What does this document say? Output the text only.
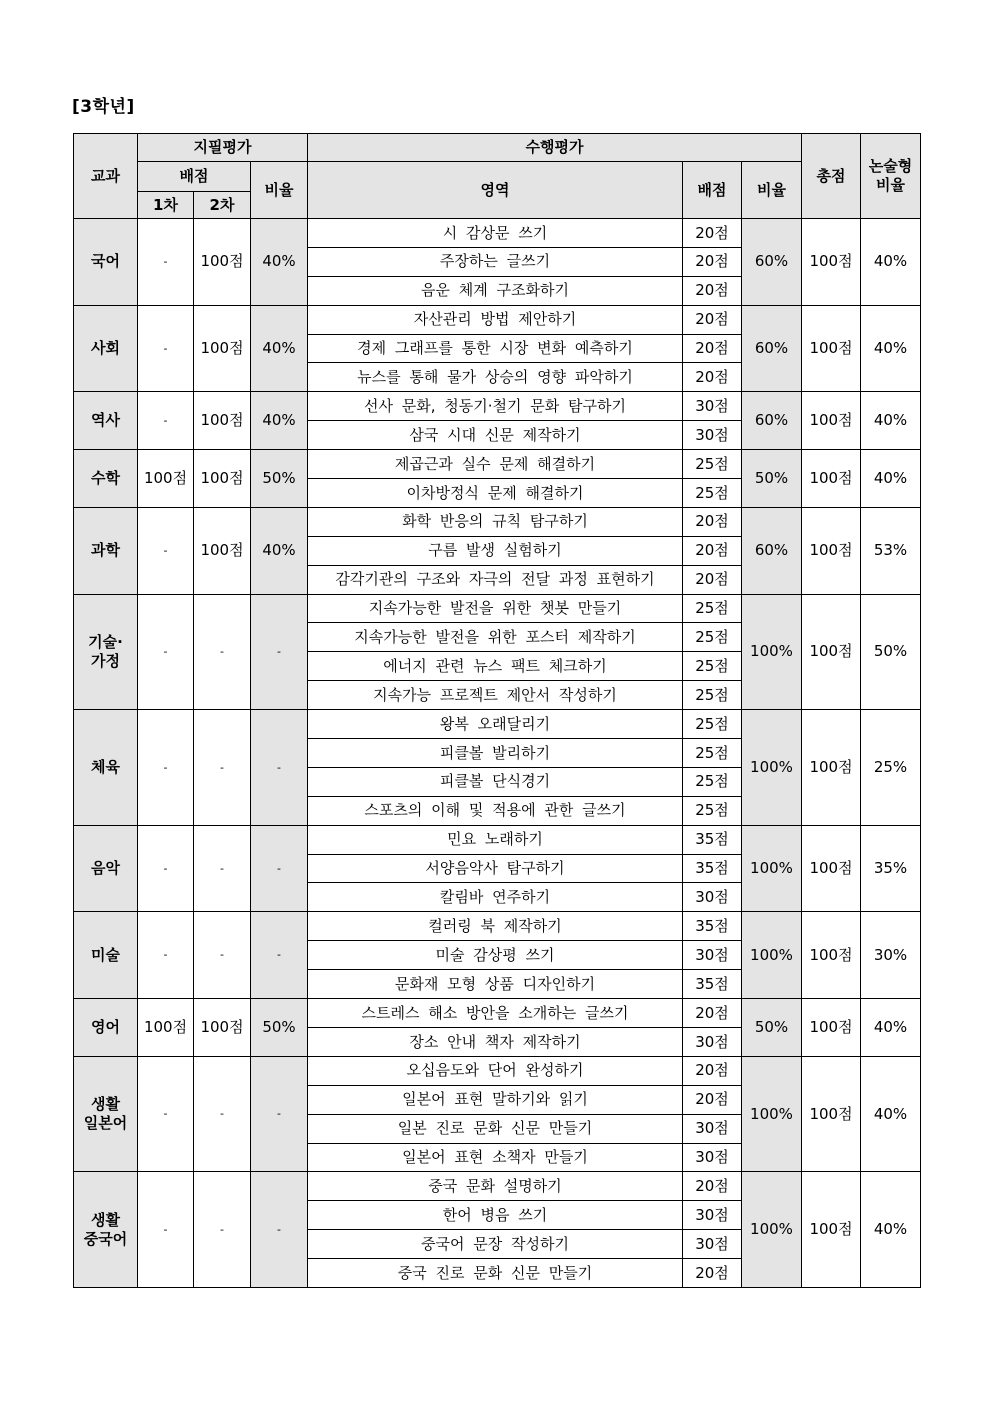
[3학년]
교과	지필평가			수행평가			총점	논술형
비율
	배점		비율	영역	배점	비율		
	1차	2차						
국어	-	100점	40%	시 감상문 쓰기	20점	60%	100점	40%
				주장하는 글쓰기	20점			
				음운 체계 구조화하기	20점			
사회	-	100점	40%	자산관리 방법 제안하기	20점	60%	100점	40%
				경제 그래프를 통한 시장 변화 예측하기	20점			
				뉴스를 통해 물가 상승의 영향 파악하기	20점			
역사	-	100점	40%	선사 문화, 청동기·철기 문화 탐구하기	30점	60%	100점	40%
				삼국 시대 신문 제작하기	30점			
수학	100점	100점	50%	제곱근과 실수 문제 해결하기	25점	50%	100점	40%
				이차방정식 문제 해결하기	25점			
과학	-	100점	40%	화학 반응의 규칙 탐구하기	20점	60%	100점	53%
				구름 발생 실험하기	20점			
				감각기관의 구조와 자극의 전달 과정 표현하기	20점			
기술·
가정	-	-	-	지속가능한 발전을 위한 챗봇 만들기	25점	100%	100점	50%
				지속가능한 발전을 위한 포스터 제작하기	25점			
				에너지 관련 뉴스 팩트 체크하기	25점			
				지속가능 프로젝트 제안서 작성하기	25점			
체육	-	-	-	왕복 오래달리기	25점	100%	100점	25%
				피클볼 발리하기	25점			
				피클볼 단식경기	25점			
				스포츠의 이해 및 적용에 관한 글쓰기	25점			
음악	-	-	-	민요 노래하기	35점	100%	100점	35%
				서양음악사 탐구하기	35점			
				칼림바 연주하기	30점			
미술	-	-	-	컬러링 북 제작하기	35점	100%	100점	30%
				미술 감상평 쓰기	30점			
				문화재 모형 상품 디자인하기	35점			
영어	100점	100점	50%	스트레스 해소 방안을 소개하는 글쓰기	20점	50%	100점	40%
				장소 안내 책자 제작하기	30점			
생활
일본어	-	-	-	오십음도와 단어 완성하기	20점	100%	100점	40%
				일본어 표현 말하기와 읽기	20점			
				일본 진로 문화 신문 만들기	30점			
				일본어 표현 소책자 만들기	30점			
생활
중국어	-	-	-	중국 문화 설명하기	20점	100%	100점	40%
				한어 병음 쓰기	30점			
				중국어 문장 작성하기	30점			
				중국 진로 문화 신문 만들기	20점			
